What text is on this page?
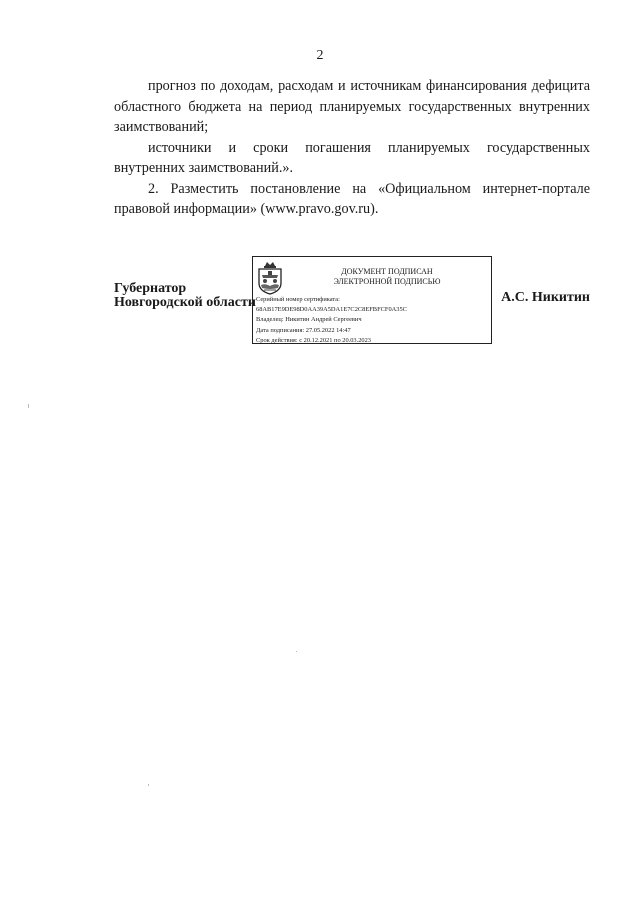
2

прогноз по доходам, расходам и источникам финансирования дефицита областного бюджета на период планируемых государственных внутренних заимствований;

источники и сроки погашения планируемых государственных внутренних заимствований.».

2. Разместить постановление на «Официальном интернет-портале правовой информации» (www.pravo.gov.ru).

Губернатор
Новгородской области
ДОКУМЕНТ ПОДПИСАН
ЭЛЕКТРОННОЙ ПОДПИСЬЮ
Серийный номер сертификата:
68AB17E9DE98D0AA39A5DA1E7C2C8EFBFCF0A35C
Владелец: Никитин Андрей Сергеевич
Дата подписания: 27.05.2022 14:47
Срок действия: с 20.12.2021 по 20.03.2023
А.С. Никитин
